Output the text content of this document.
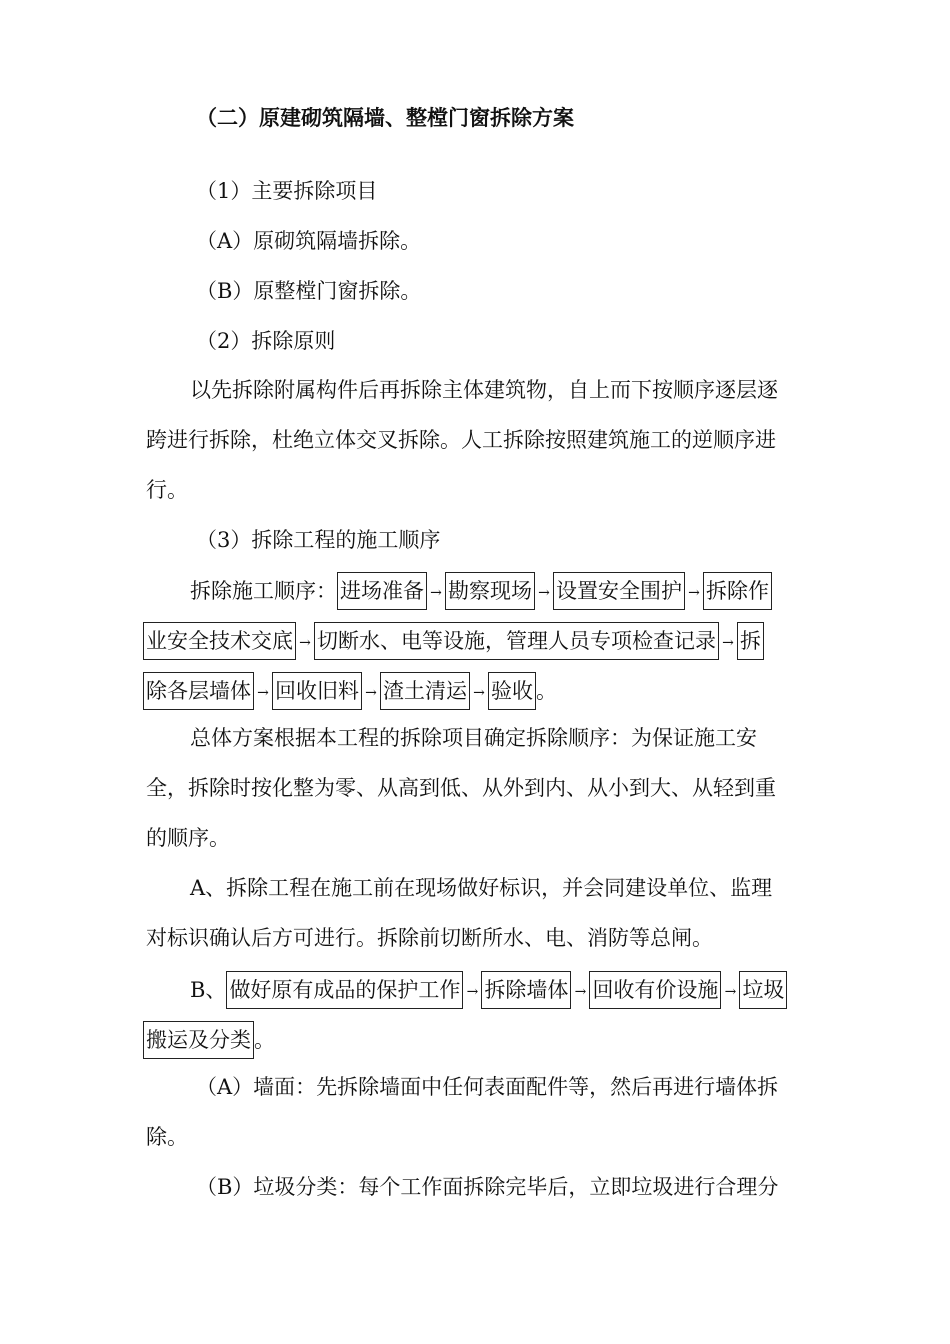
（二）原建砌筑隔墙、整樘门窗拆除方案
（1）主要拆除项目
（A）原砌筑隔墙拆除。
（B）原整樘门窗拆除。
（2）拆除原则
以先拆除附属构件后再拆除主体建筑物，自上而下按顺序逐层逐
跨进行拆除，杜绝立体交叉拆除。人工拆除按照建筑施工的逆顺序进
行。
（3）拆除工程的施工顺序
拆除施工顺序： 进场准备 → 勘察现场 → 设置安全围护 → 拆除作
业安全技术交底 → 切断水、电等设施，管理人员专项检查记录 → 拆
除各层墙体 → 回收旧料 → 渣土清运 → 验收 。
总体方案根据本工程的拆除项目确定拆除顺序：为保证施工安
全，拆除时按化整为零、从高到低、从外到内、从小到大、从轻到重
的顺序。
A、拆除工程在施工前在现场做好标识，并会同建设单位、监理
对标识确认后方可进行。拆除前切断所水、电、消防等总闸。
B、 做好原有成品的保护工作 → 拆除墙体 → 回收有价设施 → 垃圾
搬运及分类 。
（A）墙面：先拆除墙面中任何表面配件等，然后再进行墙体拆
除。
（B）垃圾分类：每个工作面拆除完毕后，立即垃圾进行合理分
